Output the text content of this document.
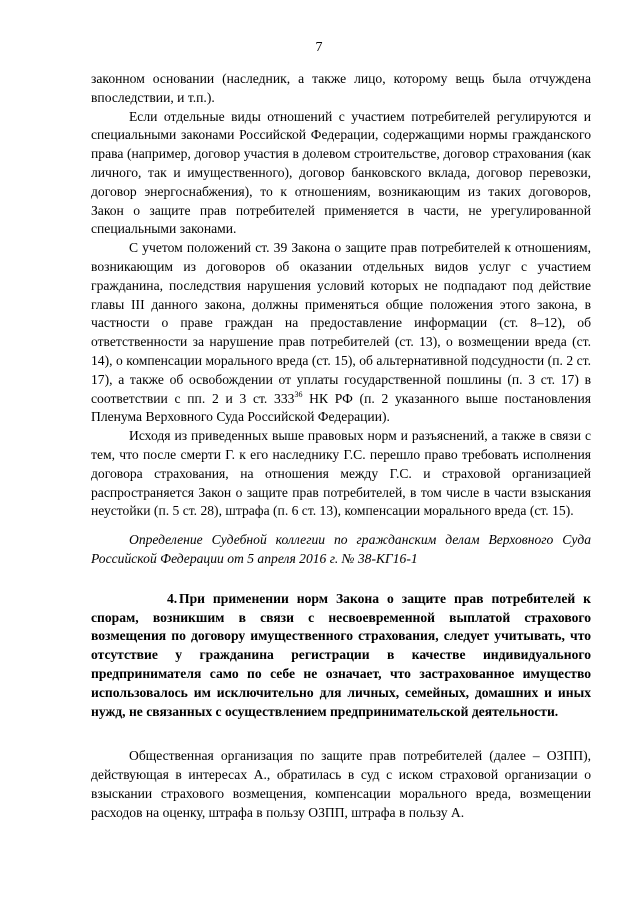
7

законном основании (наследник, а также лицо, которому вещь была отчуждена впоследствии, и т.п.).

Если отдельные виды отношений с участием потребителей регулируются и специальными законами Российской Федерации, содержащими нормы гражданского права (например, договор участия в долевом строительстве, договор страхования (как личного, так и имущественного), договор банковского вклада, договор перевозки, договор энергоснабжения), то к отношениям, возникающим из таких договоров, Закон о защите прав потребителей применяется в части, не урегулированной специальными законами.

С учетом положений ст. 39 Закона о защите прав потребителей к отношениям, возникающим из договоров об оказании отдельных видов услуг с участием гражданина, последствия нарушения условий которых не подпадают под действие главы III данного закона, должны применяться общие положения этого закона, в частности о праве граждан на предоставление информации (ст. 8–12), об ответственности за нарушение прав потребителей (ст. 13), о возмещении вреда (ст. 14), о компенсации морального вреда (ст. 15), об альтернативной подсудности (п. 2 ст. 17), а также об освобождении от уплаты государственной пошлины (п. 3 ст. 17) в соответствии с пп. 2 и 3 ст. $333^{36}$ НК РФ (п. 2 указанного выше постановления Пленума Верховного Суда Российской Федерации).

Исходя из приведенных выше правовых норм и разъяснений, а также в связи с тем, что после смерти Г. к его наследнику Г.С. перешло право требовать исполнения договора страхования, на отношения между Г.С. и страховой организацией распространяется Закон о защите прав потребителей, в том числе в части взыскания неустойки (п. 5 ст. 28), штрафа (п. 6 ст. 13), компенсации морального вреда (ст. 15).

Определение Судебной коллегии по гражданским делам Верховного Суда Российской Федерации от 5 апреля 2016 г. № 38-КГ16-1

4. При применении норм Закона о защите прав потребителей к спорам, возникшим в связи с несвоевременной выплатой страхового возмещения по договору имущественного страхования, следует учитывать, что отсутствие у гражданина регистрации в качестве индивидуального предпринимателя само по себе не означает, что застрахованное имущество использовалось им исключительно для личных, семейных, домашних и иных нужд, не связанных с осуществлением предпринимательской деятельности.

Общественная организация по защите прав потребителей (далее – ОЗПП), действующая в интересах А., обратилась в суд с иском страховой организации о взыскании страхового возмещения, компенсации морального вреда, возмещении расходов на оценку, штрафа в пользу ОЗПП, штрафа в пользу А.
